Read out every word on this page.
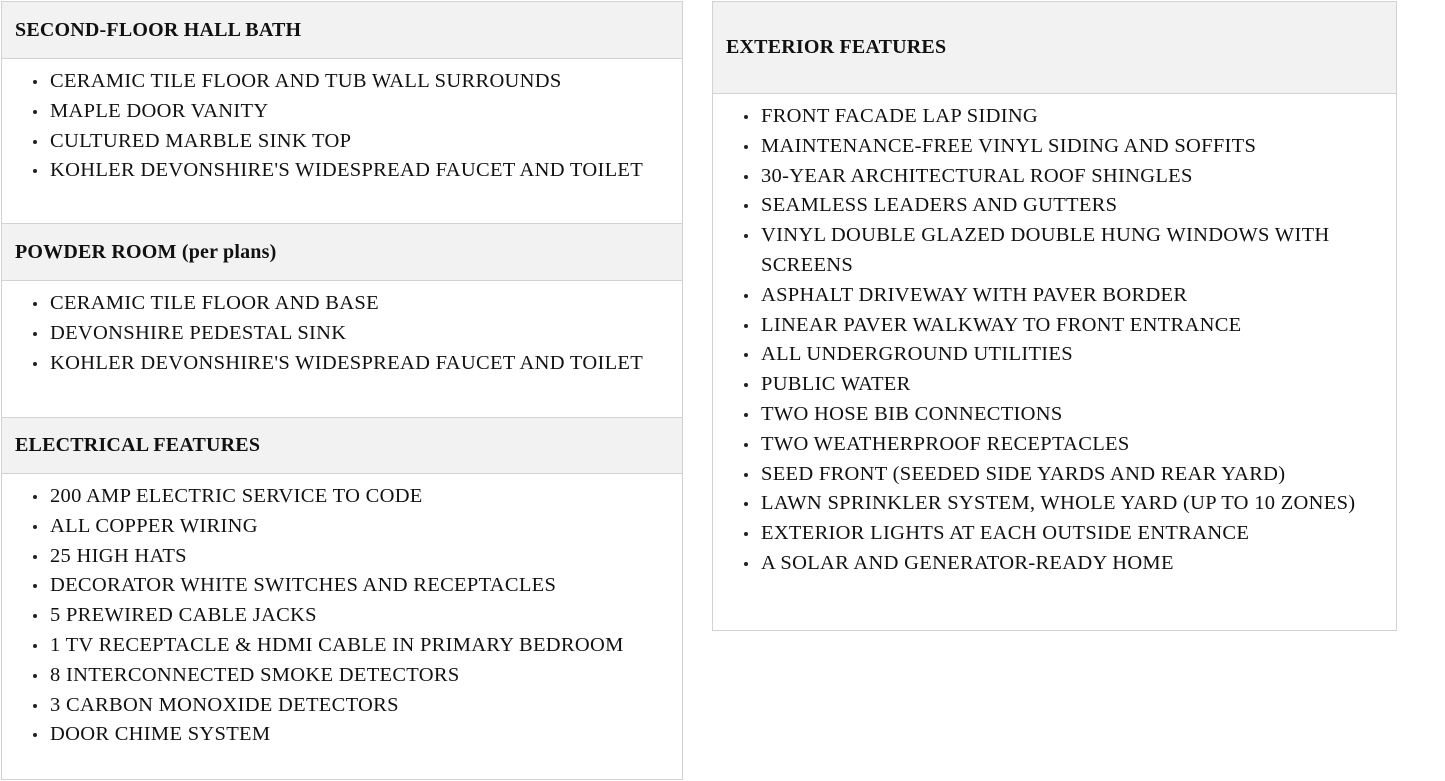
SECOND-FLOOR HALL BATH
CERAMIC TILE FLOOR AND TUB WALL SURROUNDS
MAPLE DOOR VANITY
CULTURED MARBLE SINK TOP
KOHLER DEVONSHIRE'S WIDESPREAD FAUCET AND TOILET
POWDER ROOM (per plans)
CERAMIC TILE FLOOR AND BASE
DEVONSHIRE PEDESTAL SINK
KOHLER DEVONSHIRE'S WIDESPREAD FAUCET AND TOILET
ELECTRICAL FEATURES
200 AMP ELECTRIC SERVICE TO CODE
ALL COPPER WIRING
25 HIGH HATS
DECORATOR WHITE SWITCHES AND RECEPTACLES
5 PREWIRED CABLE JACKS
1 TV RECEPTACLE & HDMI CABLE IN PRIMARY BEDROOM
8 INTERCONNECTED SMOKE DETECTORS
3 CARBON MONOXIDE DETECTORS
DOOR CHIME SYSTEM
EXTERIOR FEATURES
FRONT FACADE LAP SIDING
MAINTENANCE-FREE VINYL SIDING AND SOFFITS
30-YEAR ARCHITECTURAL ROOF SHINGLES
SEAMLESS LEADERS AND GUTTERS
VINYL DOUBLE GLAZED DOUBLE HUNG WINDOWS WITH SCREENS
ASPHALT DRIVEWAY WITH PAVER BORDER
LINEAR PAVER WALKWAY TO FRONT ENTRANCE
ALL UNDERGROUND UTILITIES
PUBLIC WATER
TWO HOSE BIB CONNECTIONS
TWO WEATHERPROOF RECEPTACLES
SEED FRONT (SEEDED SIDE YARDS AND REAR YARD)
LAWN SPRINKLER SYSTEM, WHOLE YARD (UP TO 10 ZONES)
EXTERIOR LIGHTS AT EACH OUTSIDE ENTRANCE
A SOLAR AND GENERATOR-READY HOME
